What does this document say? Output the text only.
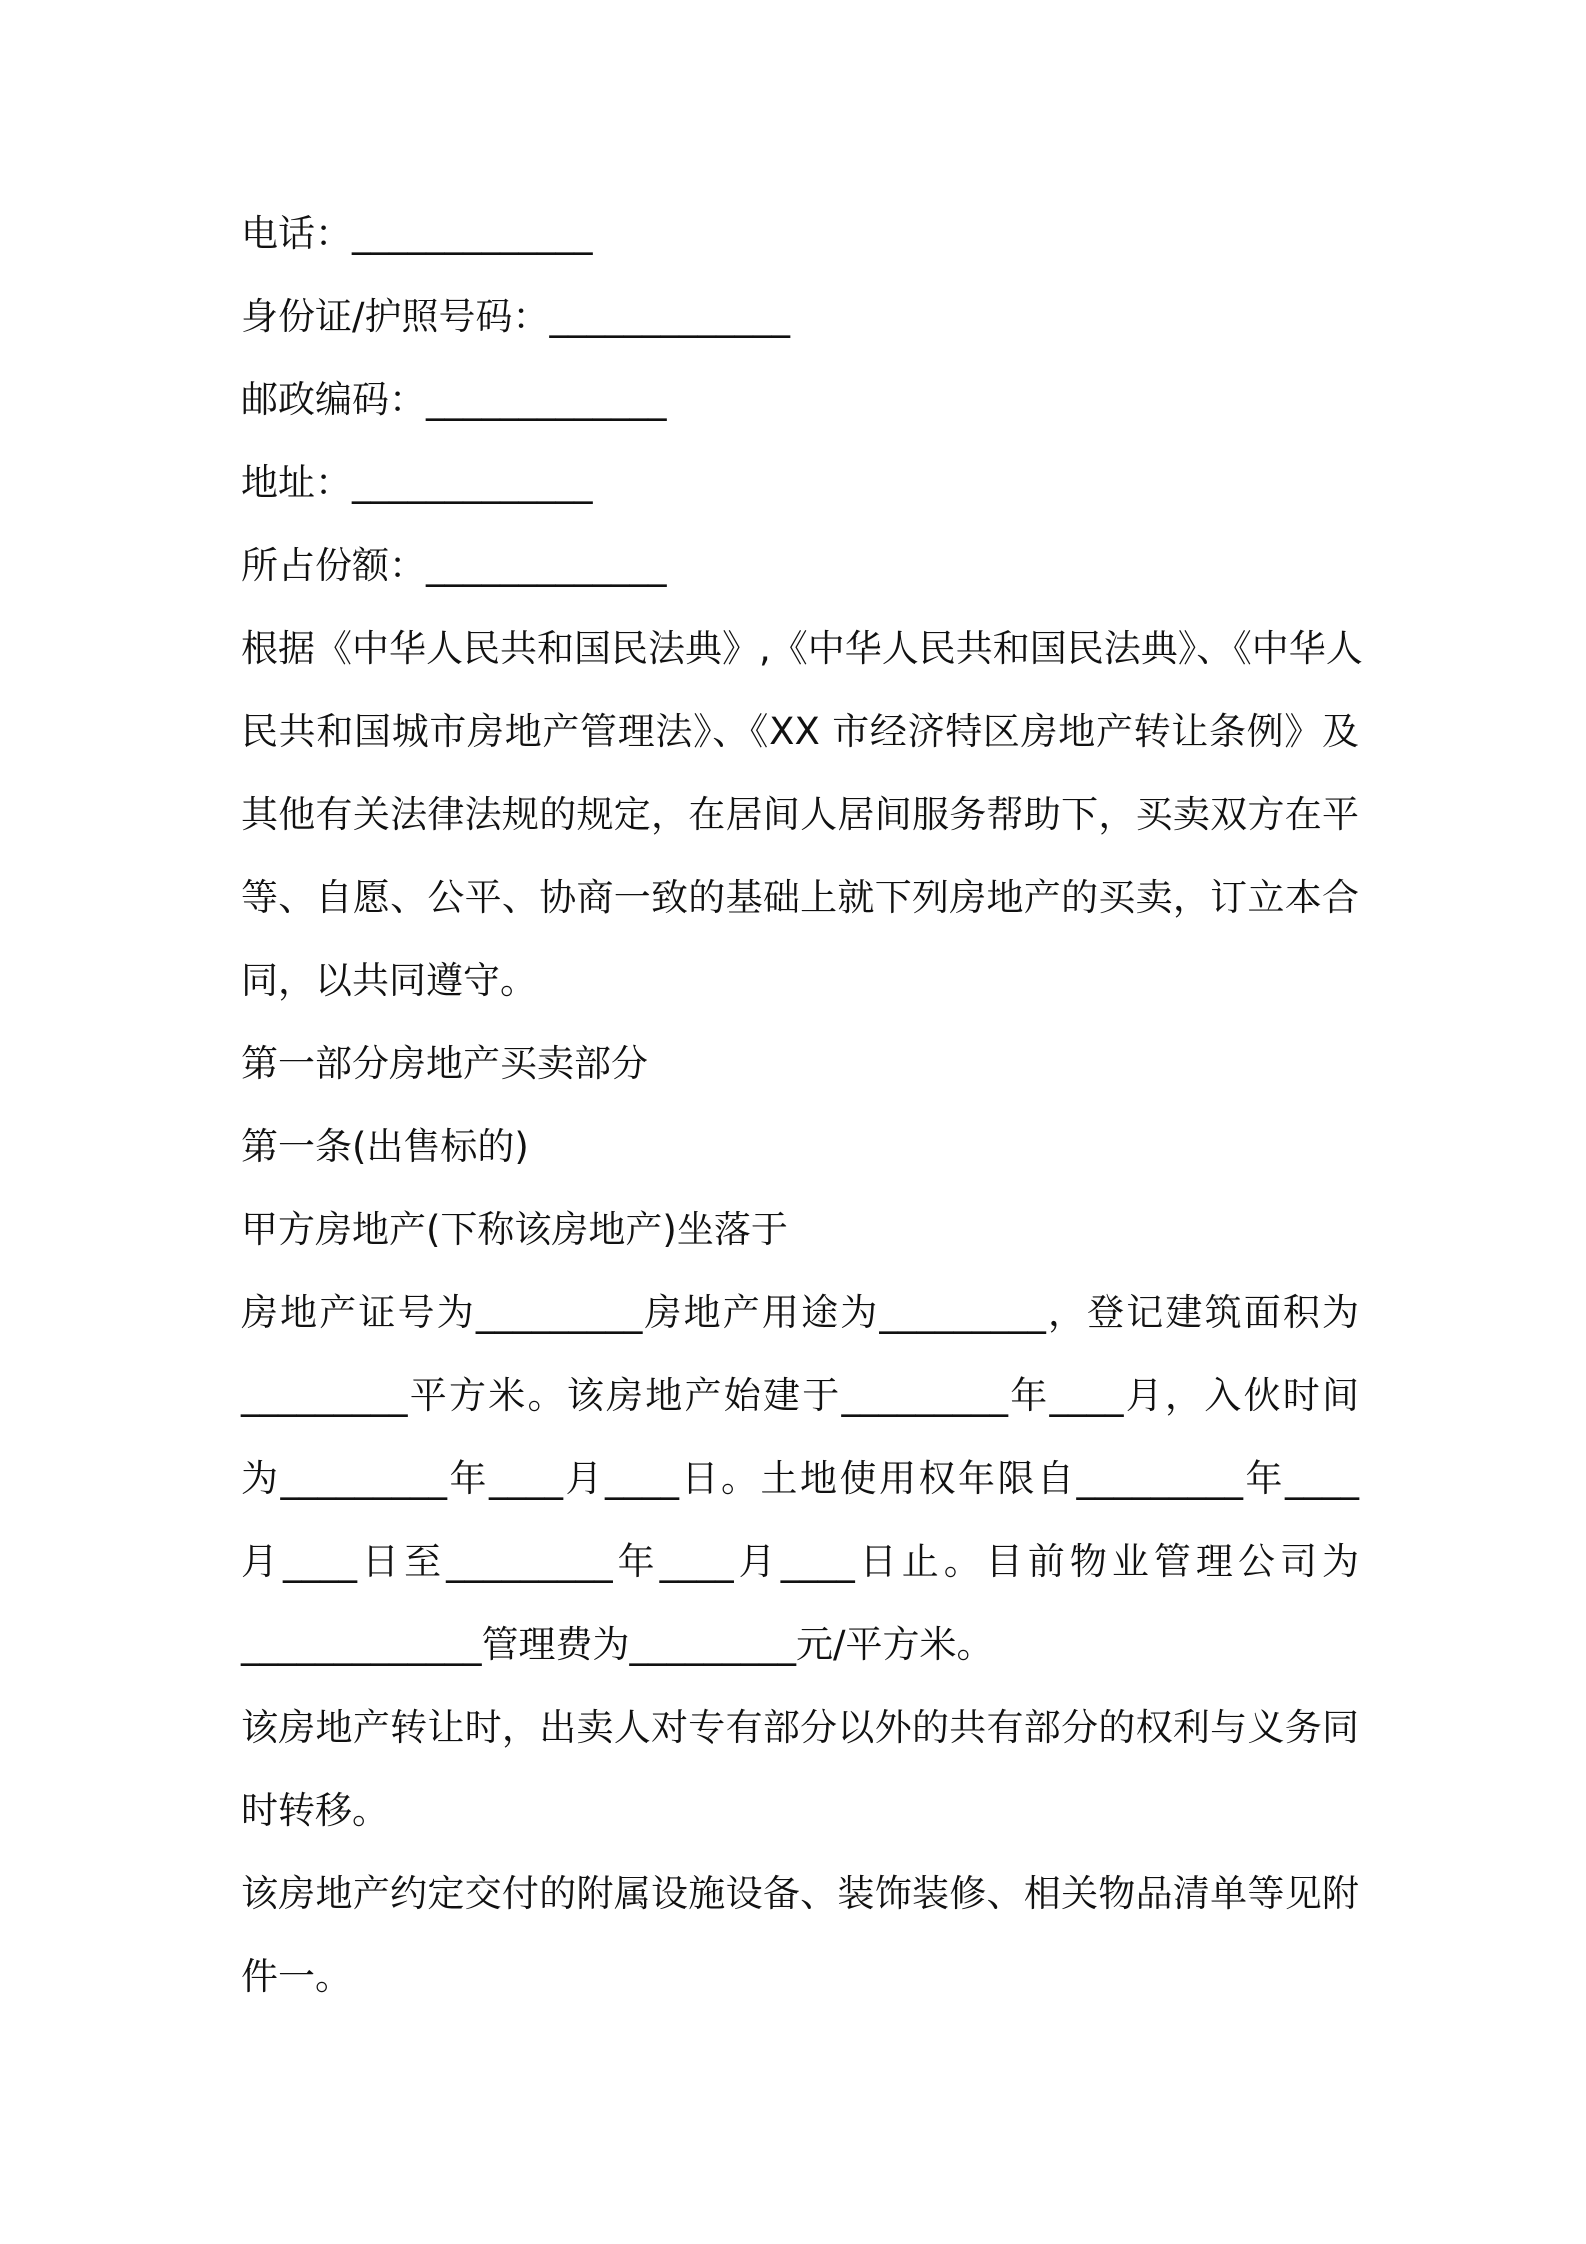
电话：_____________
身份证/护照号码：_____________
邮政编码：_____________
地址：_____________
所占份额：_____________
根据《中华人民共和国民法典》,《中华人民共和国民法典》、《中华人
民共和国城市房地产管理法》、《XX 市经济特区房地产转让条例》及
其他有关法律法规的规定，在居间人居间服务帮助下，买卖双方在平
等、自愿、公平、协商一致的基础上就下列房地产的买卖，订立本合
同，以共同遵守。
第一部分房地产买卖部分
第一条(出售标的)
甲方房地产(下称该房地产)坐落于
房地产证号为_________房地产用途为_________，登记建筑面积为
_________平方米。该房地产始建于_________年____月，入伙时间
为_________年____月____日。土地使用权年限自_________年____
月____日至_________年____月____日止。目前物业管理公司为
_____________管理费为_________元/平方米。
该房地产转让时，出卖人对专有部分以外的共有部分的权利与义务同
时转移。
该房地产约定交付的附属设施设备、装饰装修、相关物品清单等见附
件一。
